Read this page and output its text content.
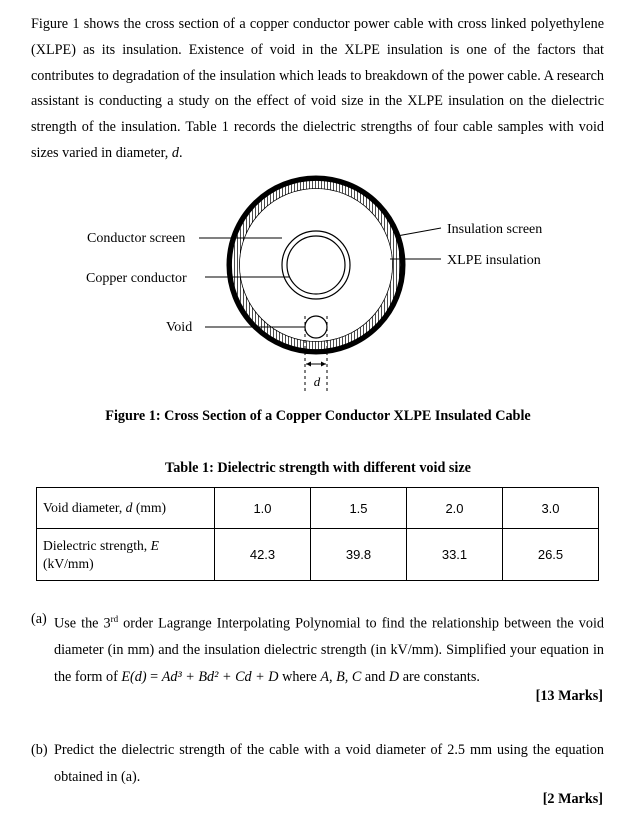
Figure 1 shows the cross section of a copper conductor power cable with cross linked polyethylene (XLPE) as its insulation. Existence of void in the XLPE insulation is one of the factors that contributes to degradation of the insulation which leads to breakdown of the power cable. A research assistant is conducting a study on the effect of void size in the XLPE insulation on the dielectric strength of the insulation. Table 1 records the dielectric strengths of four cable samples with void sizes varied in diameter, d.

d
Conductor screen
Copper conductor
Void
Insulation screen
XLPE insulation

Figure 1: Cross Section of a Copper Conductor XLPE Insulated Cable

Table 1: Dielectric strength with different void size

Void diameter, d (mm)	1.0	1.5	2.0	3.0
Dielectric strength, E
(kV/mm)	42.3	39.8	33.1	26.5
(a) Use the 3rd order Lagrange Interpolating Polynomial to find the relationship between the void diameter (in mm) and the insulation dielectric strength (in kV/mm). Simplified your equation in the form of E(d) = Ad³ + Bd² + Cd + D where A, B, C and D are constants.

[13 Marks]

(b) Predict the dielectric strength of the cable with a void diameter of 2.5 mm using the equation obtained in (a).

[2 Marks]
